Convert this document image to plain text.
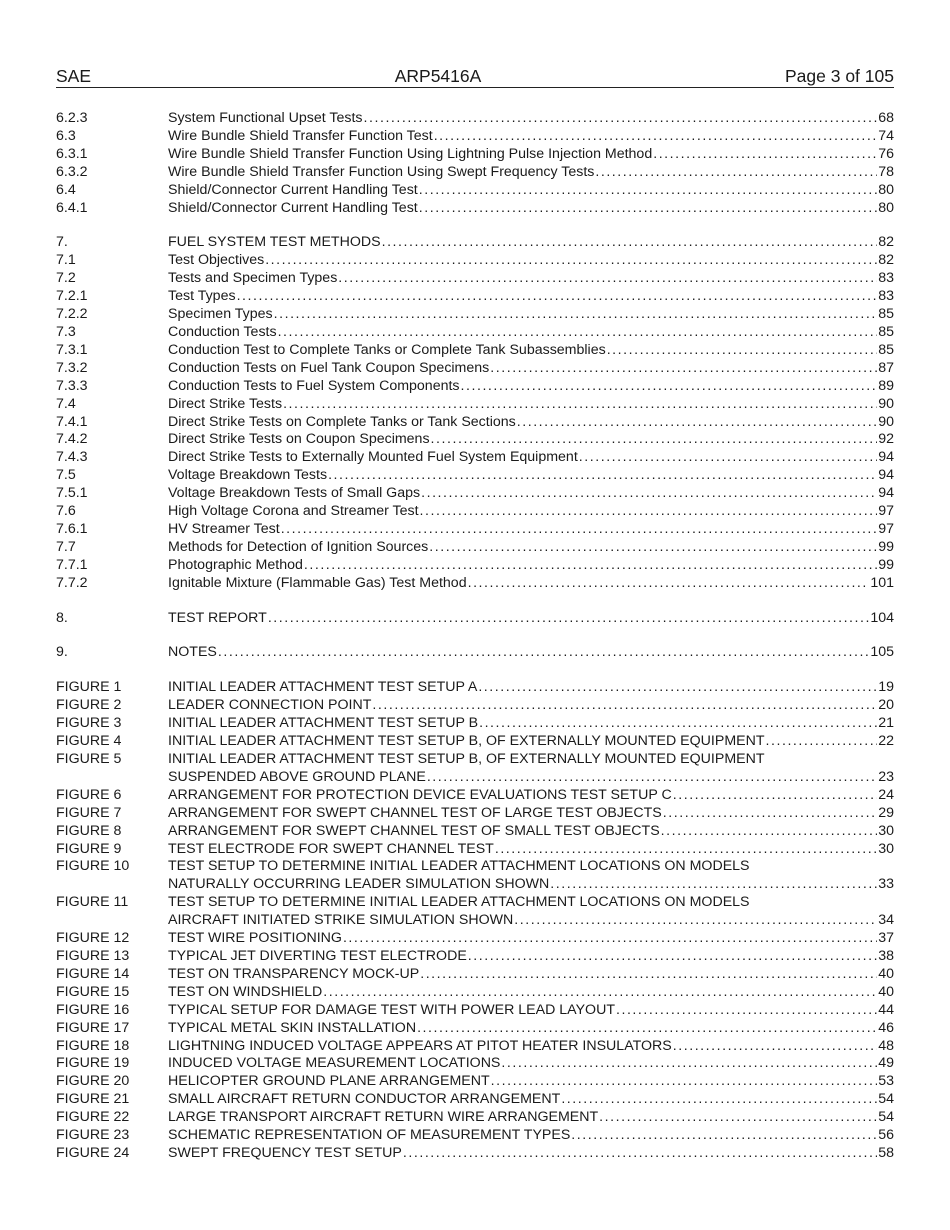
SAE	ARP5416A	Page 3 of 105
6.2.3	System Functional Upset Tests . . .	68
6.3	Wire Bundle Shield Transfer Function Test . . .	74
6.3.1	Wire Bundle Shield Transfer Function Using Lightning Pulse Injection Method . . .	76
6.3.2	Wire Bundle Shield Transfer Function Using Swept Frequency Tests . . .	78
6.4	Shield/Connector Current Handling Test . . .	80
6.4.1	Shield/Connector Current Handling Test . . .	80
7.	FUEL SYSTEM TEST METHODS . . .	82
7.1	Test Objectives . . .	82
7.2	Tests and Specimen Types . . .	83
7.2.1	Test Types . . .	83
7.2.2	Specimen Types . . .	85
7.3	Conduction Tests . . .	85
7.3.1	Conduction Test to Complete Tanks or Complete Tank Subassemblies . . .	85
7.3.2	Conduction Tests on Fuel Tank Coupon Specimens . . .	87
7.3.3	Conduction Tests to Fuel System Components . . .	89
7.4	Direct Strike Tests . . .	90
7.4.1	Direct Strike Tests on Complete Tanks or Tank Sections . . .	90
7.4.2	Direct Strike Tests on Coupon Specimens . . .	92
7.4.3	Direct Strike Tests to Externally Mounted Fuel System Equipment . . .	94
7.5	Voltage Breakdown Tests . . .	94
7.5.1	Voltage Breakdown Tests of Small Gaps . . .	94
7.6	High Voltage Corona and Streamer Test . . .	97
7.6.1	HV Streamer Test . . .	97
7.7	Methods for Detection of Ignition Sources . . .	99
7.7.1	Photographic Method . . .	99
7.7.2	Ignitable Mixture (Flammable Gas) Test Method . . .	101
8.	TEST REPORT . . .	104
9.	NOTES . . .	105
FIGURE 1	INITIAL LEADER ATTACHMENT TEST SETUP A . . .	19
FIGURE 2	LEADER CONNECTION POINT . . .	20
FIGURE 3	INITIAL LEADER ATTACHMENT TEST SETUP B . . .	21
FIGURE 4	INITIAL LEADER ATTACHMENT TEST SETUP B, OF EXTERNALLY MOUNTED EQUIPMENT . . .	22
FIGURE 5	INITIAL LEADER ATTACHMENT TEST SETUP B, OF EXTERNALLY MOUNTED EQUIPMENT
SUSPENDED ABOVE GROUND PLANE . . .	23
FIGURE 6	ARRANGEMENT FOR PROTECTION DEVICE EVALUATIONS TEST SETUP C . . .	24
FIGURE 7	ARRANGEMENT FOR SWEPT CHANNEL TEST OF LARGE TEST OBJECTS . . .	29
FIGURE 8	ARRANGEMENT FOR SWEPT CHANNEL TEST OF SMALL TEST OBJECTS . . .	30
FIGURE 9	TEST ELECTRODE FOR SWEPT CHANNEL TEST . . .	30
FIGURE 10	TEST SETUP TO DETERMINE INITIAL LEADER ATTACHMENT LOCATIONS ON MODELS
NATURALLY OCCURRING LEADER SIMULATION SHOWN . . .	33
FIGURE 11	TEST SETUP TO DETERMINE INITIAL LEADER ATTACHMENT LOCATIONS ON MODELS
AIRCRAFT INITIATED STRIKE SIMULATION SHOWN . . .	34
FIGURE 12	TEST WIRE POSITIONING . . .	37
FIGURE 13	TYPICAL JET DIVERTING TEST ELECTRODE . . .	38
FIGURE 14	TEST ON TRANSPARENCY MOCK-UP . . .	40
FIGURE 15	TEST ON WINDSHIELD . . .	40
FIGURE 16	TYPICAL SETUP FOR DAMAGE TEST WITH POWER LEAD LAYOUT . . .	44
FIGURE 17	TYPICAL METAL SKIN INSTALLATION . . .	46
FIGURE 18	LIGHTNING INDUCED VOLTAGE APPEARS AT PITOT HEATER INSULATORS . . .	48
FIGURE 19	INDUCED VOLTAGE MEASUREMENT LOCATIONS . . .	49
FIGURE 20	HELICOPTER GROUND PLANE ARRANGEMENT . . .	53
FIGURE 21	SMALL AIRCRAFT RETURN CONDUCTOR ARRANGEMENT . . .	54
FIGURE 22	LARGE TRANSPORT AIRCRAFT RETURN WIRE ARRANGEMENT . . .	54
FIGURE 23	SCHEMATIC REPRESENTATION OF MEASUREMENT TYPES . . .	56
FIGURE 24	SWEPT FREQUENCY TEST SETUP . . .	58
